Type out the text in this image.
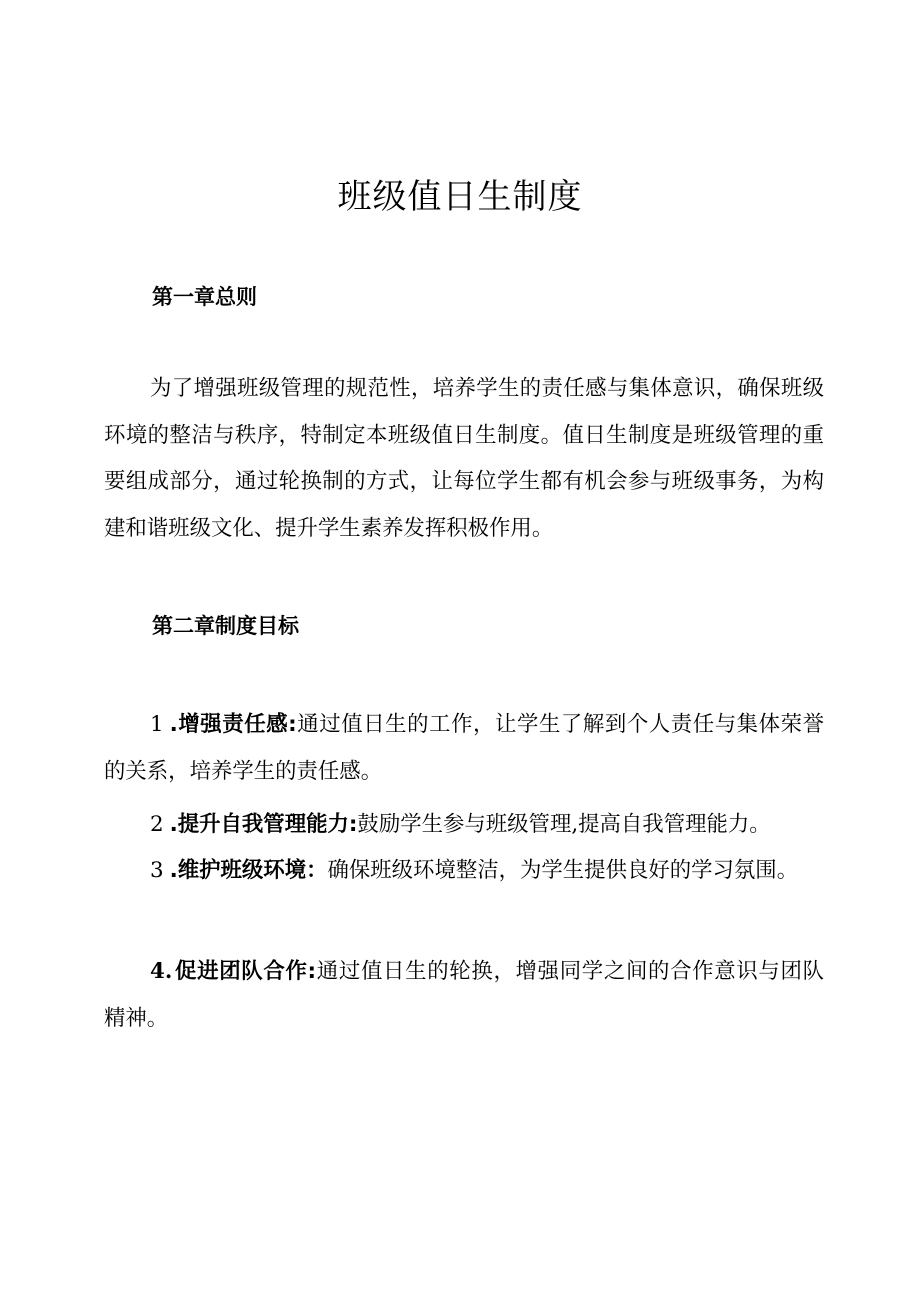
班级值日生制度
第一章总则

为了增强班级管理的规范性，培养学生的责任感与集体意识，确保班级环境的整洁与秩序，特制定本班级值日生制度。值日生制度是班级管理的重要组成部分，通过轮换制的方式，让每位学生都有机会参与班级事务，为构建和谐班级文化、提升学生素养发挥积极作用。

第二章制度目标

1 .增强责任感:通过值日生的工作，让学生了解到个人责任与集体荣誉的关系，培养学生的责任感。

2 .提升自我管理能力:鼓励学生参与班级管理,提高自我管理能力。

3 .维护班级环境：确保班级环境整洁，为学生提供良好的学习氛围。

4.促进团队合作:通过值日生的轮换，增强同学之间的合作意识与团队精神。
